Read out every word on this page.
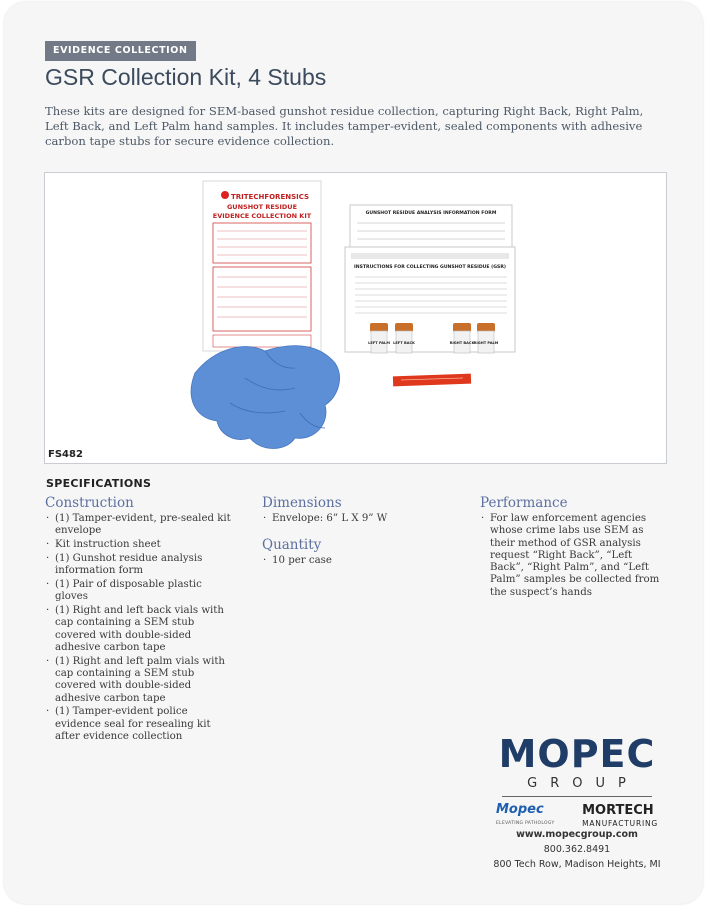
EVIDENCE COLLECTION
GSR Collection Kit, 4 Stubs

These kits are designed for SEM-based gunshot residue collection, capturing Right Back, Right Palm, Left Back, and Left Palm hand samples. It includes tamper-evident, sealed components with adhesive carbon tape stubs for secure evidence collection.

TRITECHFORENSICS
GUNSHOT RESIDUE
EVIDENCE COLLECTION KIT	GUNSHOT RESIDUE ANALYSIS INFORMATION FORM
INSTRUCTIONS FOR COLLECTING GUNSHOT RESIDUE (GSR)
LEFT PALM LEFT BACK	RIGHT BACK RIGHT PALM
FS482
SPECIFICATIONS
Construction
· (1) Tamper-evident, pre-sealed kit envelope
· Kit instruction sheet
· (1) Gunshot residue analysis information form
· (1) Pair of disposable plastic gloves
· (1) Right and left back vials with cap containing a SEM stub covered with double-sided adhesive carbon tape
· (1) Right and left palm vials with cap containing a SEM stub covered with double-sided adhesive carbon tape
· (1) Tamper-evident police evidence seal for resealing kit after evidence collection
Dimensions
· Envelope: 6” L X 9” W
Quantity
· 10 per case
Performance
· For law enforcement agencies whose crime labs use SEM as their method of GSR analysis request “Right Back”, “Left Back”, “Right Palm”, and “Left Palm” samples be collected from the suspect’s hands
MOPEC
GROUP
Mopec
ELEVATING PATHOLOGY
MORTECH
MANUFACTURING
www.mopecgroup.com
800.362.8491
800 Tech Row, Madison Heights, MI
